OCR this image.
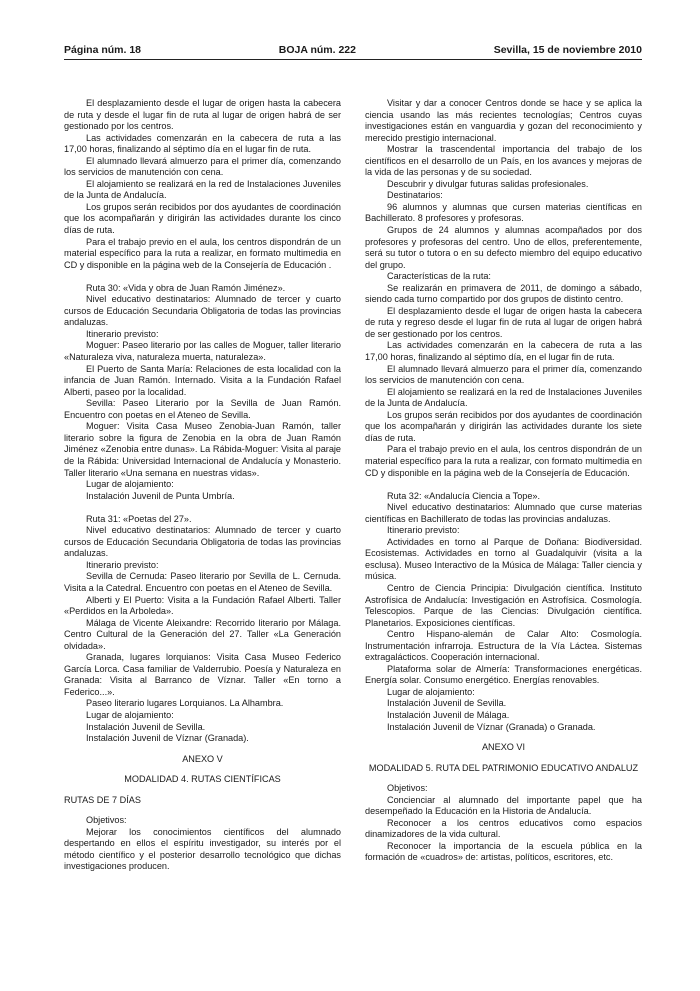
Página núm. 18	BOJA núm. 222	Sevilla, 15 de noviembre 2010

El desplazamiento desde el lugar de origen hasta la cabecera de ruta y desde el lugar fin de ruta al lugar de origen habrá de ser gestionado por los centros.

Las actividades comenzarán en la cabecera de ruta a las 17,00 horas, finalizando al séptimo día en el lugar fin de ruta.

El alumnado llevará almuerzo para el primer día, comenzando los servicios de manutención con cena.

El alojamiento se realizará en la red de Instalaciones Juveniles de la Junta de Andalucía.

Los grupos serán recibidos por dos ayudantes de coordinación que los acompañarán y dirigirán las actividades durante los cinco días de ruta.

Para el trabajo previo en el aula, los centros dispondrán de un material específico para la ruta a realizar, en formato multimedia en CD y disponible en la página web de la Consejería de Educación .

Ruta 30: «Vida y obra de Juan Ramón Jiménez».

Nivel educativo destinatarios: Alumnado de tercer y cuarto cursos de Educación Secundaria Obligatoria de todas las provincias andaluzas.

Itinerario previsto:

Moguer: Paseo literario por las calles de Moguer, taller literario «Naturaleza viva, naturaleza muerta, naturaleza».

El Puerto de Santa María: Relaciones de esta localidad con la infancia de Juan Ramón. Internado. Visita a la Fundación Rafael Alberti, paseo por la localidad.

Sevilla: Paseo Literario por la Sevilla de Juan Ramón. Encuentro con poetas en el Ateneo de Sevilla.

Moguer: Visita Casa Museo Zenobia-Juan Ramón, taller literario sobre la figura de Zenobia en la obra de Juan Ramón Jiménez «Zenobia entre dunas». La Rábida-Moguer: Visita al paraje de la Rábida: Universidad Internacional de Andalucía y Monasterio. Taller literario «Una semana en nuestras vidas».

Lugar de alojamiento:

Instalación Juvenil de Punta Umbría.

Ruta 31: «Poetas del 27».

Nivel educativo destinatarios: Alumnado de tercer y cuarto cursos de Educación Secundaria Obligatoria de todas las provincias andaluzas.

Itinerario previsto:

Sevilla de Cernuda: Paseo literario por Sevilla de L. Cernuda. Visita a la Catedral. Encuentro con poetas en el Ateneo de Sevilla.

Alberti y El Puerto: Visita a la Fundación Rafael Alberti. Taller «Perdidos en la Arboleda».

Málaga de Vicente Aleixandre: Recorrido literario por Málaga. Centro Cultural de la Generación del 27. Taller «La Generación olvidada».

Granada, lugares lorquianos: Visita Casa Museo Federico García Lorca. Casa familiar de Valderrubio. Poesía y Naturaleza en Granada: Visita al Barranco de Víznar. Taller «En torno a Federico...».

Paseo literario lugares Lorquianos. La Alhambra.

Lugar de alojamiento:

Instalación Juvenil de Sevilla.

Instalación Juvenil de Víznar (Granada).

ANEXO V

MODALIDAD 4. RUTAS CIENTÍFICAS

RUTAS DE 7 DÍAS

Objetivos:

Mejorar los conocimientos científicos del alumnado despertando en ellos el espíritu investigador, su interés por el método científico y el posterior desarrollo tecnológico que dichas investigaciones producen.

Visitar y dar a conocer Centros donde se hace y se aplica la ciencia usando las más recientes tecnologías; Centros cuyas investigaciones están en vanguardia y gozan del reconocimiento y merecido prestigio internacional.

Mostrar la trascendental importancia del trabajo de los científicos en el desarrollo de un País, en los avances y mejoras de la vida de las personas y de su sociedad.

Descubrir y divulgar futuras salidas profesionales.

Destinatarios:

96 alumnos y alumnas que cursen materias científicas en Bachillerato. 8 profesores y profesoras.

Grupos de 24 alumnos y alumnas acompañados por dos profesores y profesoras del centro. Uno de ellos, preferentemente, será su tutor o tutora o en su defecto miembro del equipo educativo del grupo.

Características de la ruta:

Se realizarán en primavera de 2011, de domingo a sábado, siendo cada turno compartido por dos grupos de distinto centro.

El desplazamiento desde el lugar de origen hasta la cabecera de ruta y regreso desde el lugar fin de ruta al lugar de origen habrá de ser gestionado por los centros.

Las actividades comenzarán en la cabecera de ruta a las 17,00 horas, finalizando al séptimo día, en el lugar fin de ruta.

El alumnado llevará almuerzo para el primer día, comenzando los servicios de manutención con cena.

El alojamiento se realizará en la red de Instalaciones Juveniles de la Junta de Andalucía.

Los grupos serán recibidos por dos ayudantes de coordinación que los acompañarán y dirigirán las actividades durante los siete días de ruta.

Para el trabajo previo en el aula, los centros dispondrán de un material específico para la ruta a realizar, con formato multimedia en CD y disponible en la página web de la Consejería de Educación.

Ruta 32: «Andalucía Ciencia a Tope».

Nivel educativo destinatarios: Alumnado que curse materias científicas en Bachillerato de todas las provincias andaluzas.

Itinerario previsto:

Actividades en torno al Parque de Doñana: Biodiversidad. Ecosistemas. Actividades en torno al Guadalquivir (visita a la esclusa). Museo Interactivo de la Música de Málaga: Taller ciencia y música.

Centro de Ciencia Principia: Divulgación científica. Instituto Astrofísica de Andalucía: Investigación en Astrofísica. Cosmología. Telescopios. Parque de las Ciencias: Divulgación científica. Planetarios. Exposiciones científicas.

Centro Hispano-alemán de Calar Alto: Cosmología. Instrumentación infrarroja. Estructura de la Vía Láctea. Sistemas extragalácticos. Cooperación internacional.

Plataforma solar de Almería: Transformaciones energéticas. Energía solar. Consumo energético. Energías renovables.

Lugar de alojamiento:

Instalación Juvenil de Sevilla.

Instalación Juvenil de Málaga.

Instalación Juvenil de Víznar (Granada) o Granada.

ANEXO VI

MODALIDAD 5. RUTA DEL PATRIMONIO EDUCATIVO ANDALUZ

Objetivos:

Concienciar al alumnado del importante papel que ha desempeñado la Educación en la Historia de Andalucía.

Reconocer a los centros educativos como espacios dinamizadores de la vida cultural.

Reconocer la importancia de la escuela pública en la formación de «cuadros» de: artistas, políticos, escritores, etc.
